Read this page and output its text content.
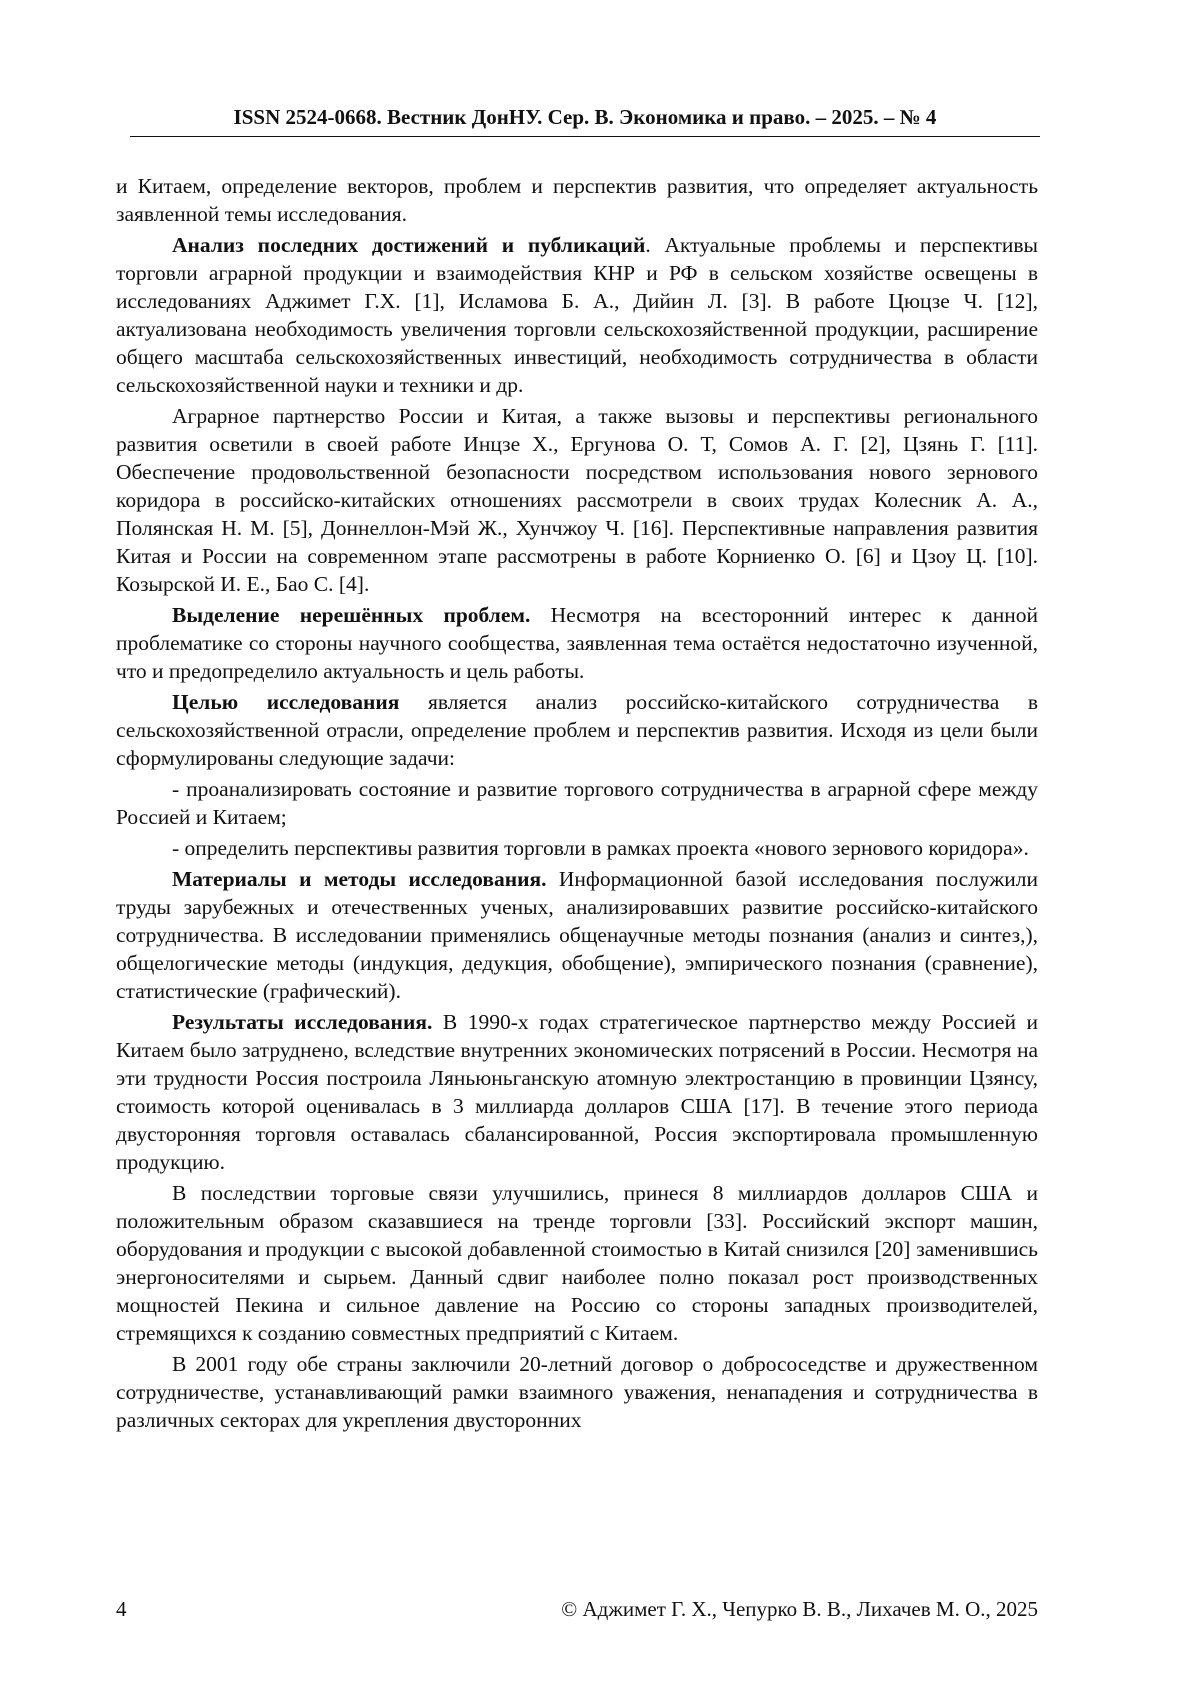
ISSN 2524-0668. Вестник ДонНУ. Сер. В. Экономика и право. – 2025. – № 4

и Китаем, определение векторов, проблем и перспектив развития, что определяет актуальность заявленной темы исследования.

Анализ последних достижений и публикаций. Актуальные проблемы и перспективы торговли аграрной продукции и взаимодействия КНР и РФ в сельском хозяйстве освещены в исследованиях Аджимет Г.Х. [1], Исламова Б. А., Дийин Л. [3]. В работе Цюцзе Ч. [12], актуализована необходимость увеличения торговли сельскохозяйственной продукции, расширение общего масштаба сельскохозяйственных инвестиций, необходимость сотрудничества в области сельскохозяйственной науки и техники и др.

Аграрное партнерство России и Китая, а также вызовы и перспективы регионального развития осветили в своей работе Инцзе Х., Ергунова О. Т, Сомов А. Г. [2], Цзянь Г. [11]. Обеспечение продовольственной безопасности посредством использования нового зернового коридора в российско-китайских отношениях рассмотрели в своих трудах Колесник А. А., Полянская Н. М. [5], Доннеллон-Мэй Ж., Хунчжоу Ч. [16]. Перспективные направления развития Китая и России на современном этапе рассмотрены в работе Корниенко О. [6] и Цзоу Ц. [10]. Козырской И. Е., Бао С. [4].

Выделение нерешённых проблем. Несмотря на всесторонний интерес к данной проблематике со стороны научного сообщества, заявленная тема остаётся недостаточно изученной, что и предопределило актуальность и цель работы.

Целью исследования является анализ российско-китайского сотрудничества в сельскохозяйственной отрасли, определение проблем и перспектив развития. Исходя из цели были сформулированы следующие задачи:

- проанализировать состояние и развитие торгового сотрудничества в аграрной сфере между Россией и Китаем;

- определить перспективы развития торговли в рамках проекта «нового зернового коридора».

Материалы и методы исследования. Информационной базой исследования послужили труды зарубежных и отечественных ученых, анализировавших развитие российско-китайского сотрудничества. В исследовании применялись общенаучные методы познания (анализ и синтез,), общелогические методы (индукция, дедукция, обобщение), эмпирического познания (сравнение), статистические (графический).

Результаты исследования. В 1990-х годах стратегическое партнерство между Россией и Китаем было затруднено, вследствие внутренних экономических потрясений в России. Несмотря на эти трудности Россия построила Ляньюньганскую атомную электростанцию в провинции Цзянсу, стоимость которой оценивалась в 3 миллиарда долларов США [17]. В течение этого периода двусторонняя торговля оставалась сбалансированной, Россия экспортировала промышленную продукцию.

В последствии торговые связи улучшились, принеся 8 миллиардов долларов США и положительным образом сказавшиеся на тренде торговли [33]. Российский экспорт машин, оборудования и продукции с высокой добавленной стоимостью в Китай снизился [20] заменившись энергоносителями и сырьем. Данный сдвиг наиболее полно показал рост производственных мощностей Пекина и сильное давление на Россию со стороны западных производителей, стремящихся к созданию совместных предприятий с Китаем.

В 2001 году обе страны заключили 20-летний договор о добрососедстве и дружественном сотрудничестве, устанавливающий рамки взаимного уважения, ненападения и сотрудничества в различных секторах для укрепления двусторонних

4	© Аджимет Г. Х., Чепурко В. В., Лихачев М. О., 2025
